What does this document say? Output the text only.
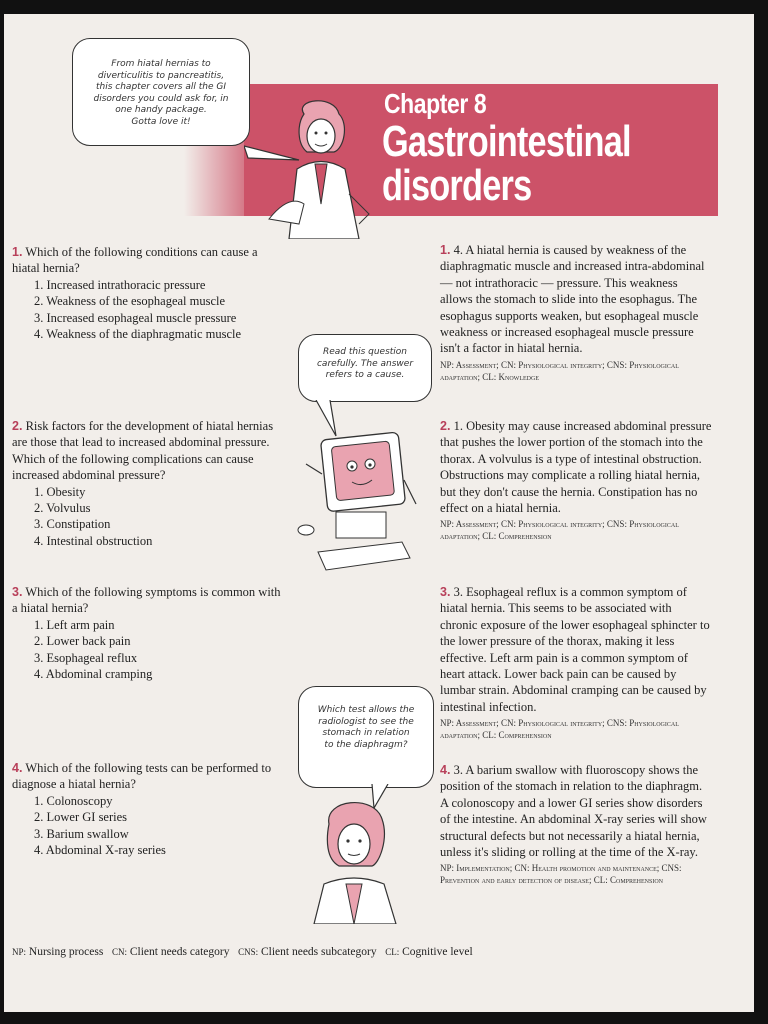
Chapter 8
Gastrointestinal
disorders
From hiatal hernias to
diverticulitis to pancreatitis,
this chapter covers all the GI
disorders you could ask for, in
one handy package.
Gotta love it!
Read this question
carefully. The answer
refers to a cause.
Which test allows the
radiologist to see the
stomach in relation
to the diaphragm?
1. Which of the following conditions can cause a hiatal hernia?
1. Increased intrathoracic pressure
2. Weakness of the esophageal muscle
3. Increased esophageal muscle pressure
4. Weakness of the diaphragmatic muscle
2. Risk factors for the development of hiatal hernias are those that lead to increased abdominal pressure. Which of the following complications can cause increased abdominal pressure?
1. Obesity
2. Volvulus
3. Constipation
4. Intestinal obstruction
3. Which of the following symptoms is common with a hiatal hernia?
1. Left arm pain
2. Lower back pain
3. Esophageal reflux
4. Abdominal cramping
4. Which of the following tests can be performed to diagnose a hiatal hernia?
1. Colonoscopy
2. Lower GI series
3. Barium swallow
4. Abdominal X-ray series
1. 4. A hiatal hernia is caused by weakness of the diaphragmatic muscle and increased intra-abdominal — not intrathoracic — pressure. This weakness allows the stomach to slide into the esophagus. The esophagus supports weaken, but esophageal muscle weakness or increased esophageal muscle pressure isn't a factor in hiatal hernia.
NP: Assessment; CN: Physiological integrity; CNS: Physiological adaptation; CL: Knowledge
2. 1. Obesity may cause increased abdominal pressure that pushes the lower portion of the stomach into the thorax. A volvulus is a type of intestinal obstruction. Obstructions may complicate a rolling hiatal hernia, but they don't cause the hernia. Constipation has no effect on a hiatal hernia.
NP: Assessment; CN: Physiological integrity; CNS: Physiological adaptation; CL: Comprehension
3. 3. Esophageal reflux is a common symptom of hiatal hernia. This seems to be associated with chronic exposure of the lower esophageal sphincter to the lower pressure of the thorax, making it less effective. Left arm pain is a common symptom of heart attack. Lower back pain can be caused by lumbar strain. Abdominal cramping can be caused by intestinal infection.
NP: Assessment; CN: Physiological integrity; CNS: Physiological adaptation; CL: Comprehension
4. 3. A barium swallow with fluoroscopy shows the position of the stomach in relation to the diaphragm. A colonoscopy and a lower GI series show disorders of the intestine. An abdominal X-ray series will show structural defects but not necessarily a hiatal hernia, unless it's sliding or rolling at the time of the X-ray.
NP: Implementation; CN: Health promotion and maintenance; CNS: Prevention and early detection of disease; CL: Comprehension
NP: Nursing process CN: Client needs category CNS: Client needs subcategory CL: Cognitive level
